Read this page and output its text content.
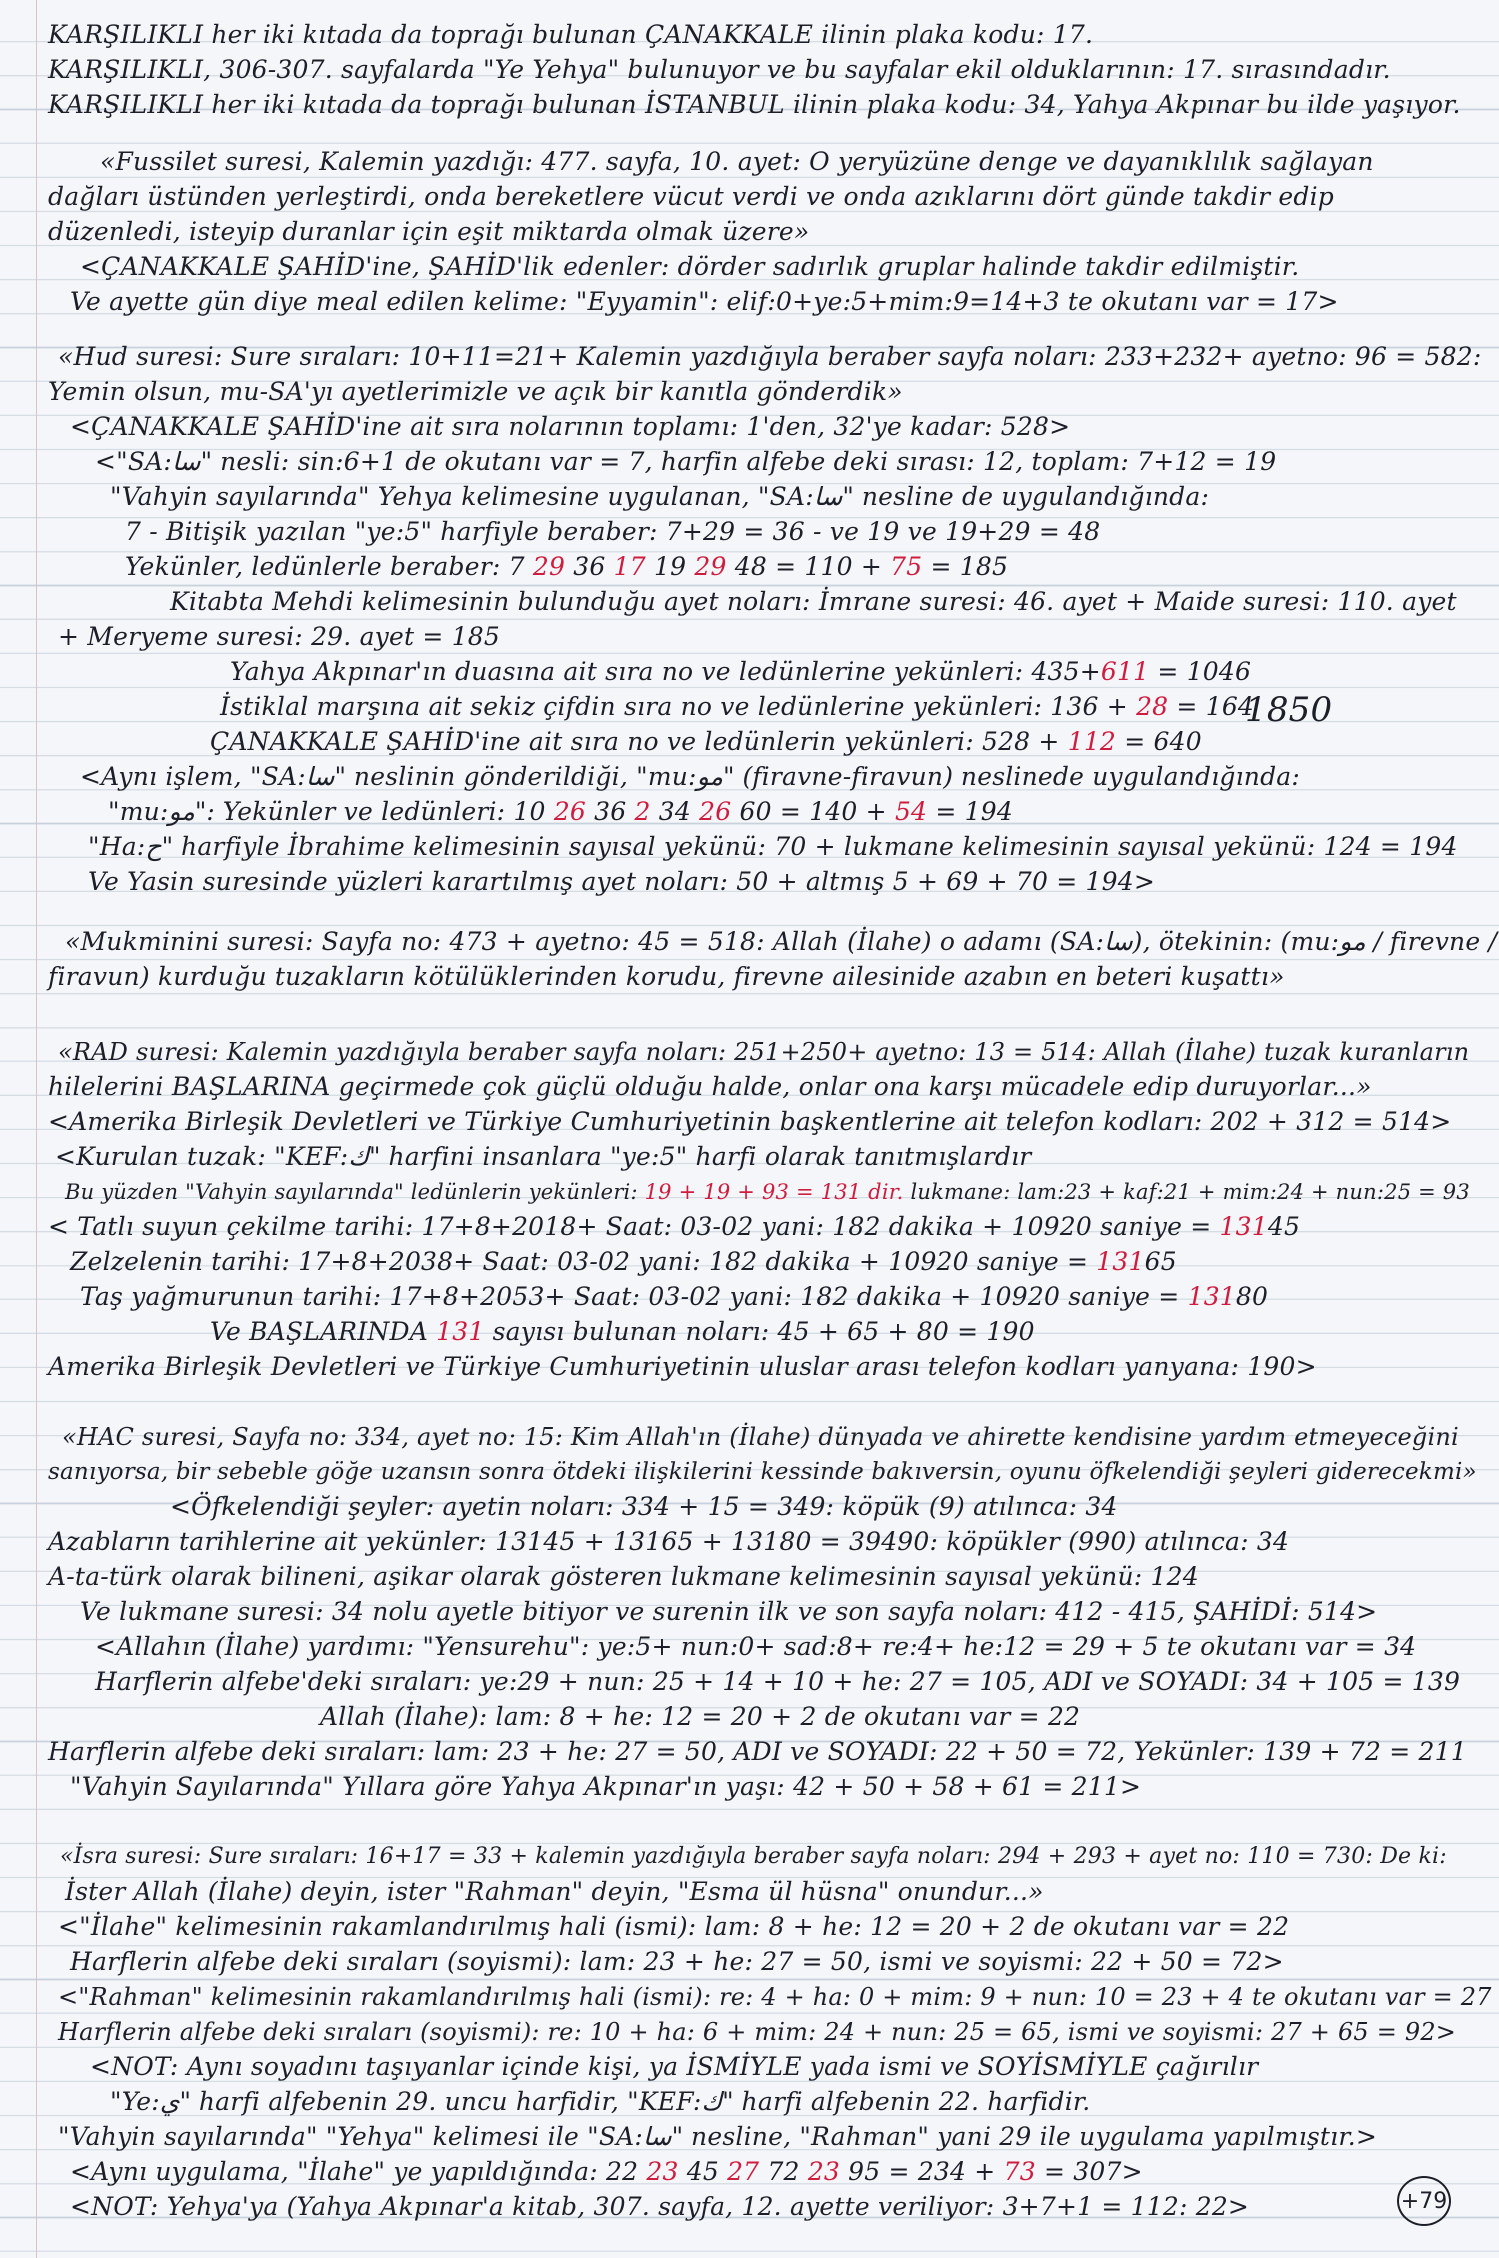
KARŞILIKLI her iki kıtada da toprağı bulunan ÇANAKKALE ilinin plaka kodu: 17.
KARŞILIKLI, 306-307. sayfalarda "Ye Yehya" bulunuyor ve bu sayfalar ekil olduklarının: 17. sırasındadır.
KARŞILIKLI her iki kıtada da toprağı bulunan İSTANBUL ilinin plaka kodu: 34, Yahya Akpınar bu ilde yaşıyor.
«Fussilet suresi, Kalemin yazdığı: 477. sayfa, 10. ayet: O yeryüzüne denge ve dayanıklılık sağlayan
dağları üstünden yerleştirdi, onda bereketlere vücut verdi ve onda azıklarını dört günde takdir edip
düzenledi, isteyip duranlar için eşit miktarda olmak üzere»
<ÇANAKKALE ŞAHİD'ine, ŞAHİD'lik edenler: dörder sadırlık gruplar halinde takdir edilmiştir.
Ve ayette gün diye meal edilen kelime: "Eyyamin": elif:0+ye:5+mim:9=14+3 te okutanı var = 17>
«Hud suresi: Sure sıraları: 10+11=21+ Kalemin yazdığıyla beraber sayfa noları: 233+232+ ayetno: 96 = 582:
Yemin olsun, mu-SA'yı ayetlerimizle ve açık bir kanıtla gönderdik»
<ÇANAKKALE ŞAHİD'ine ait sıra nolarının toplamı: 1'den, 32'ye kadar: 528>
<"SA:سا" nesli: sin:6+1 de okutanı var = 7, harfin alfebe deki sırası: 12, toplam: 7+12 = 19
"Vahyin sayılarında" Yehya kelimesine uygulanan, "SA:سا" nesline de uygulandığında:
7 - Bitişik yazılan "ye:5" harfiyle beraber: 7+29 = 36 - ve 19 ve 19+29 = 48
Yekünler, ledünlerle beraber: 7 29 36 17 19 29 48 = 110 + 75 = 185
Kitabta Mehdi kelimesinin bulunduğu ayet noları: İmrane suresi: 46. ayet + Maide suresi: 110. ayet
+ Meryeme suresi: 29. ayet = 185
Yahya Akpınar'ın duasına ait sıra no ve ledünlerine yekünleri: 435+611 = 1046
İstiklal marşına ait sekiz çifdin sıra no ve ledünlerine yekünleri: 136 + 28 = 164
ÇANAKKALE ŞAHİD'ine ait sıra no ve ledünlerin yekünleri: 528 + 112 = 640
1850
<Aynı işlem, "SA:سا" neslinin gönderildiği, "mu:مو" (firavne-firavun) neslinede uygulandığında:
"mu:مو": Yekünler ve ledünleri: 10 26 36 2 34 26 60 = 140 + 54 = 194
"Ha:ح" harfiyle İbrahime kelimesinin sayısal yekünü: 70 + lukmane kelimesinin sayısal yekünü: 124 = 194
Ve Yasin suresinde yüzleri karartılmış ayet noları: 50 + altmış 5 + 69 + 70 = 194>
«Mukminini suresi: Sayfa no: 473 + ayetno: 45 = 518: Allah (İlahe) o adamı (SA:سا), ötekinin: (mu:مو / firevne /
firavun) kurduğu tuzakların kötülüklerinden korudu, firevne ailesinide azabın en beteri kuşattı»
«RAD suresi: Kalemin yazdığıyla beraber sayfa noları: 251+250+ ayetno: 13 = 514: Allah (İlahe) tuzak kuranların
hilelerini BAŞLARINA geçirmede çok güçlü olduğu halde, onlar ona karşı mücadele edip duruyorlar...»
<Amerika Birleşik Devletleri ve Türkiye Cumhuriyetinin başkentlerine ait telefon kodları: 202 + 312 = 514>
<Kurulan tuzak: "KEF:ك" harfini insanlara "ye:5" harfi olarak tanıtmışlardır
Bu yüzden "Vahyin sayılarında" ledünlerin yekünleri: 19 + 19 + 93 = 131 dir. lukmane: lam:23 + kaf:21 + mim:24 + nun:25 = 93
< Tatlı suyun çekilme tarihi: 17+8+2018+ Saat: 03-02 yani: 182 dakika + 10920 saniye = 13145
Zelzelenin tarihi: 17+8+2038+ Saat: 03-02 yani: 182 dakika + 10920 saniye = 13165
Taş yağmurunun tarihi: 17+8+2053+ Saat: 03-02 yani: 182 dakika + 10920 saniye = 13180
Ve BAŞLARINDA 131 sayısı bulunan noları: 45 + 65 + 80 = 190
Amerika Birleşik Devletleri ve Türkiye Cumhuriyetinin uluslar arası telefon kodları yanyana: 190>
«HAC suresi, Sayfa no: 334, ayet no: 15: Kim Allah'ın (İlahe) dünyada ve ahirette kendisine yardım etmeyeceğini
sanıyorsa, bir sebeble göğe uzansın sonra ötdeki ilişkilerini kessinde bakıversin, oyunu öfkelendiği şeyleri giderecekmi»
<Öfkelendiği şeyler: ayetin noları: 334 + 15 = 349: köpük (9) atılınca: 34
Azabların tarihlerine ait yekünler: 13145 + 13165 + 13180 = 39490: köpükler (990) atılınca: 34
A-ta-türk olarak bilineni, aşikar olarak gösteren lukmane kelimesinin sayısal yekünü: 124
Ve lukmane suresi: 34 nolu ayetle bitiyor ve surenin ilk ve son sayfa noları: 412 - 415, ŞAHİDİ: 514>
<Allahın (İlahe) yardımı: "Yensurehu": ye:5+ nun:0+ sad:8+ re:4+ he:12 = 29 + 5 te okutanı var = 34
Harflerin alfebe'deki sıraları: ye:29 + nun: 25 + 14 + 10 + he: 27 = 105, ADI ve SOYADI: 34 + 105 = 139
Allah (İlahe): lam: 8 + he: 12 = 20 + 2 de okutanı var = 22
Harflerin alfebe deki sıraları: lam: 23 + he: 27 = 50, ADI ve SOYADI: 22 + 50 = 72, Yekünler: 139 + 72 = 211
"Vahyin Sayılarında" Yıllara göre Yahya Akpınar'ın yaşı: 42 + 50 + 58 + 61 = 211>
«İsra suresi: Sure sıraları: 16+17 = 33 + kalemin yazdığıyla beraber sayfa noları: 294 + 293 + ayet no: 110 = 730: De ki:
İster Allah (İlahe) deyin, ister "Rahman" deyin, "Esma ül hüsna" onundur...»
<"İlahe" kelimesinin rakamlandırılmış hali (ismi): lam: 8 + he: 12 = 20 + 2 de okutanı var = 22
Harflerin alfebe deki sıraları (soyismi): lam: 23 + he: 27 = 50, ismi ve soyismi: 22 + 50 = 72>
<"Rahman" kelimesinin rakamlandırılmış hali (ismi): re: 4 + ha: 0 + mim: 9 + nun: 10 = 23 + 4 te okutanı var = 27
Harflerin alfebe deki sıraları (soyismi): re: 10 + ha: 6 + mim: 24 + nun: 25 = 65, ismi ve soyismi: 27 + 65 = 92>
<NOT: Aynı soyadını taşıyanlar içinde kişi, ya İSMİYLE yada ismi ve SOYİSMİYLE çağırılır
"Ye:ي" harfi alfebenin 29. uncu harfidir, "KEF:ك" harfi alfebenin 22. harfidir.
"Vahyin sayılarında" "Yehya" kelimesi ile "SA:سا" nesline, "Rahman" yani 29 ile uygulama yapılmıştır.>
<Aynı uygulama, "İlahe" ye yapıldığında: 22 23 45 27 72 23 95 = 234 + 73 = 307>
<NOT: Yehya'ya (Yahya Akpınar'a kitab, 307. sayfa, 12. ayette veriliyor: 3+7+1 = 112: 22>	+79
